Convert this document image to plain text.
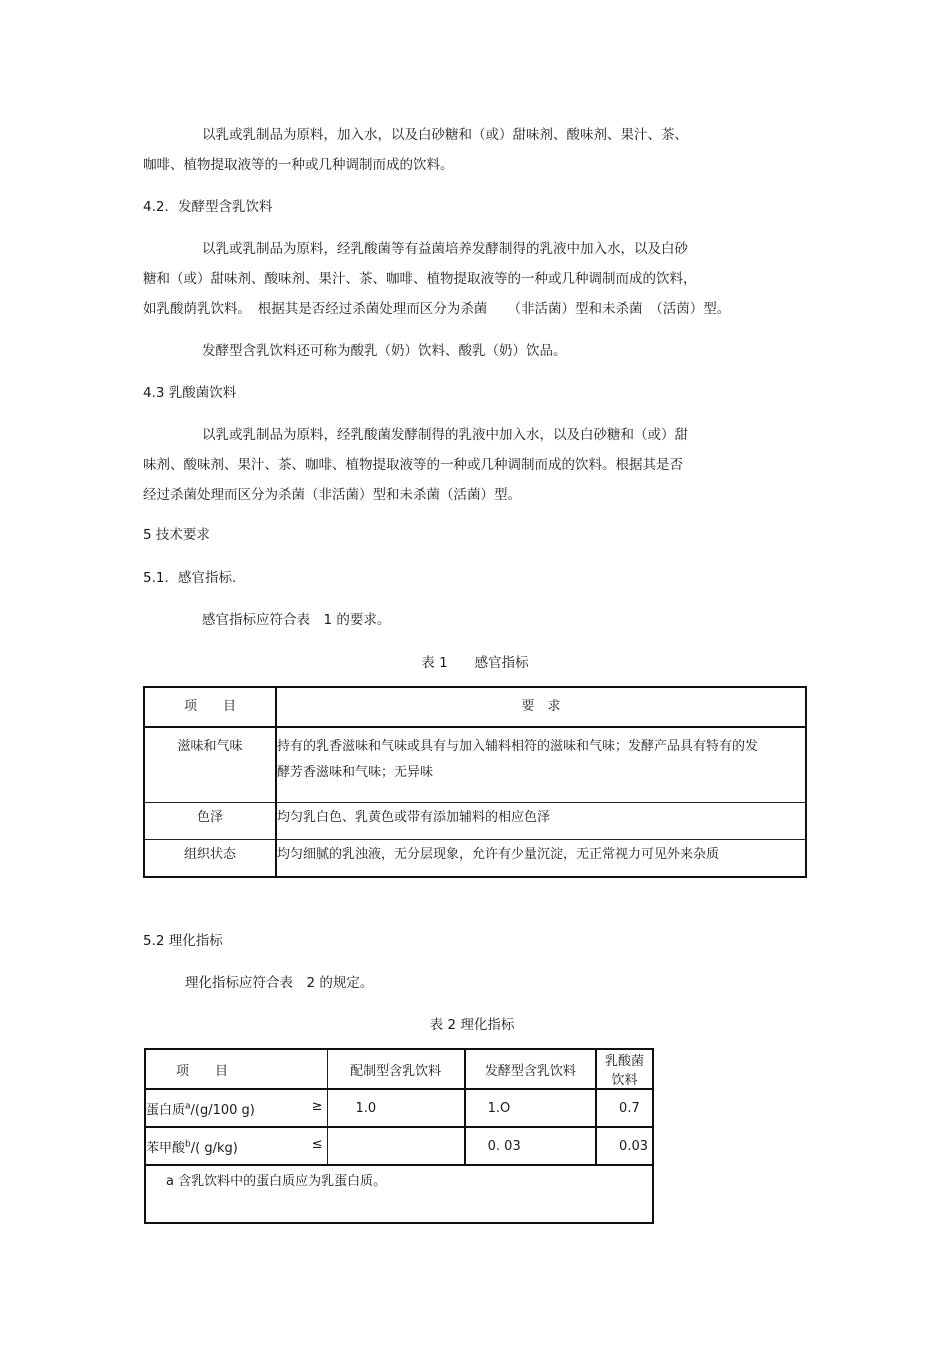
以乳或乳制品为原料，加入水，以及白砂糖和（或）甜味剂、酸味剂、果汁、茶、
咖啡、植物提取液等的一种或几种调制而成的饮料。
4.2．发酵型含乳饮料
以乳或乳制品为原料，经乳酸菌等有益菌培养发酵制得的乳液中加入水，以及白砂
糖和（或）甜味剂、酸味剂、果汁、茶、咖啡、植物提取液等的一种或几种调制而成的饮料，
如乳酸荫乳饮料。　根据其是否经过杀菌处理而区分为杀菌　　（非活菌）型和未杀菌　（活茵）型。
发酵型含乳饮料还可称为酸乳（奶）饮料、酸乳（奶）饮品。
4.3 乳酸菌饮料
以乳或乳制品为原料，经乳酸菌发酵制得的乳液中加入水，以及白砂糖和（或）甜
味剂、酸味剂、果汁、茶、咖啡、植物提取液等的一种或几种调制而成的饮料。根据其是否
经过杀菌处理而区分为杀菌（非活菌）型和未杀菌（活菌）型。
5 技术要求
5.1．感官指标.
感官指标应符合表　1 的要求。
表 1　　感官指标
项　　目	要　求

滋味和气味	持有的乳香滋味和气味或具有与加入辅料相符的滋味和气味；发酵产品具有特有的发
酵芳香滋味和气味；无异味

色泽	均匀乳白色、乳黄色或带有添加辅料的相应色泽

组织状态	均匀细腻的乳浊液，无分层现象，允许有少量沉淀，无正常视力可见外来杂质
5.2 理化指标
理化指标应符合表　2 的规定。
表 2 理化指标
项　　目	配制型含乳饮料	发酵型含乳饮料	乳酸菌饮料
蛋白质$^a$/(g/100 g) ≥	1.0	1.O	0.7
苯甲酸$^b$/( g/kg) ≤		0. 03	0.03
a 含乳饮料中的蛋白质应为乳蛋白质。			
